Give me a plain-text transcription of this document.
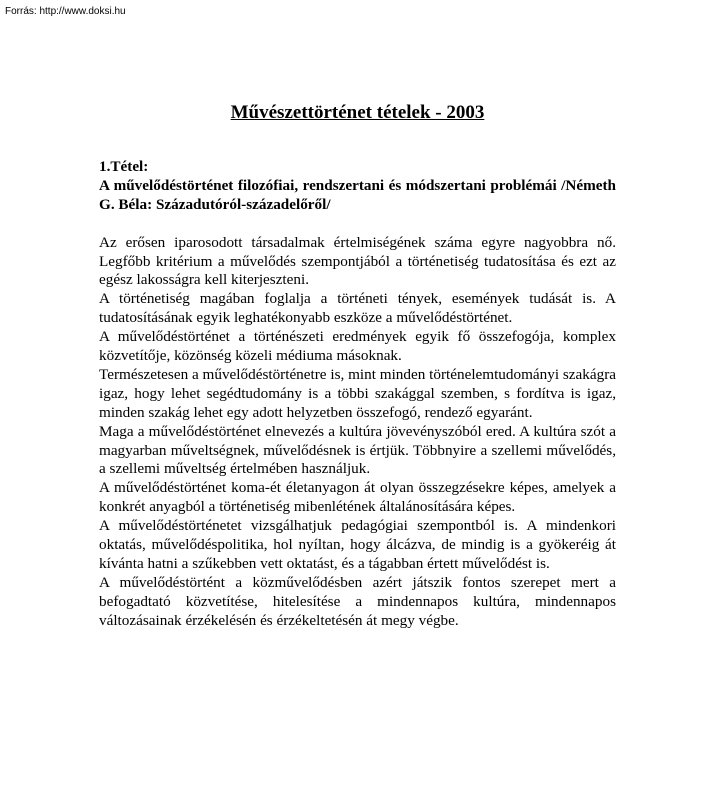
Forrás: http://www.doksi.hu
Művészettörténet tételek - 2003

1.Tétel:

A művelődéstörténet filozófiai, rendszertani és módszertani problémái /Németh G. Béla: Századutóról-századelőről/

Az erősen iparosodott társadalmak értelmiségének száma egyre nagyobbra nő. Legfőbb kritérium a művelődés szempontjából a történetiség tudatosítása és ezt az egész lakosságra kell kiterjeszteni.

A történetiség magában foglalja a történeti tények, események tudását is. A tudatosításának egyik leghatékonyabb eszköze a művelődéstörténet.

A művelődéstörténet a történészeti eredmények egyik fő összefogója, komplex közvetítője, közönség közeli médiuma másoknak.

Természetesen a művelődéstörténetre is, mint minden történelemtudományi szakágra igaz, hogy lehet segédtudomány is a többi szakággal szemben, s fordítva is igaz, minden szakág lehet egy adott helyzetben összefogó, rendező egyaránt.

Maga a művelődéstörténet elnevezés a kultúra jövevényszóból ered. A kultúra szót a magyarban műveltségnek, művelődésnek is értjük. Többnyire a szellemi művelődés, a szellemi műveltség értelmében használjuk.

A művelődéstörténet koma-ét életanyagon át olyan összegzésekre képes, amelyek a konkrét anyagból a történetiség mibenlétének általánosítására képes.

A művelődéstörténetet vizsgálhatjuk pedagógiai szempontból is. A mindenkori oktatás, művelődéspolitika, hol nyíltan, hogy álcázva, de mindig is a gyökeréig át kívánta hatni a szűkebben vett oktatást, és a tágabban értett művelődést is.

A művelődéstörtént a közművelődésben azért játszik fontos szerepet mert a befogadtató közvetítése, hitelesítése a mindennapos kultúra, mindennapos változásainak érzékelésén és érzékeltetésén át megy végbe.
